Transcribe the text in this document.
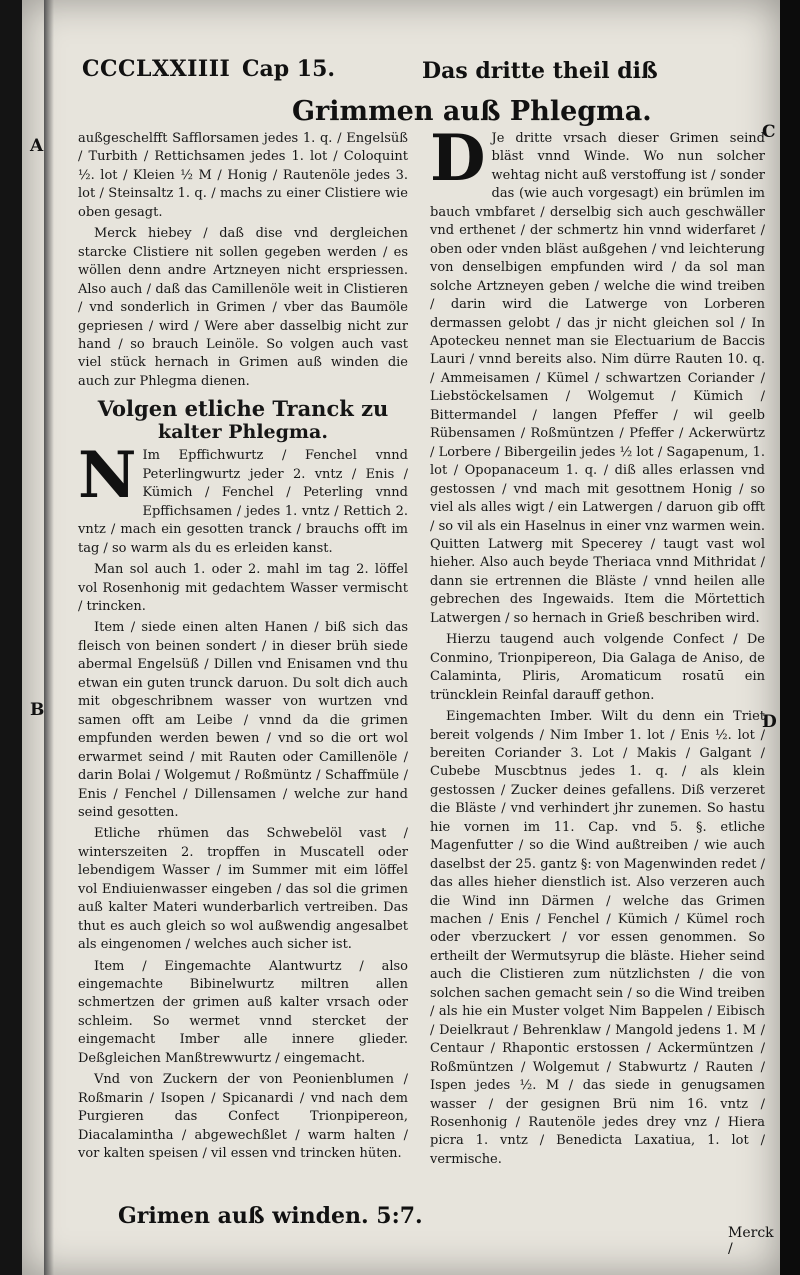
CCCLXXIIII Cap 15.	Das dritte theil diß
Grimmen auß Phlegma.
A
B
C
D

außgeschelfft Safflorsamen jedes 1. q. / Engelsüß / Turbith / Rettichsamen jedes 1. lot / Coloquint ½. lot / Kleien ½ M / Honig / Rautenöle jedes 3. lot / Steinsaltz 1. q. / machs zu einer Clistiere wie oben gesagt.

Merck hiebey / daß dise vnd dergleichen starcke Clistiere nit sollen gegeben werden / es wöllen denn andre Artzneyen nicht erspriessen. Also auch / daß das Camillenöle weit in Clistieren / vnd sonderlich in Grimen / vber das Baumöle gepriesen / wird / Were aber dasselbig nicht zur hand / so brauch Leinöle. So volgen auch vast viel stück hernach in Grimen auß winden die auch zur Phlegma dienen.

Volgen etliche Tranck zu
kalter Phlegma.

N Im Epffichwurtz / Fenchel vnnd Peterlingwurtz jeder 2. vntz / Enis / Kümich / Fenchel / Peterling vnnd Epffichsamen / jedes 1. vntz / Rettich 2. vntz / mach ein gesotten tranck / brauchs offt im tag / so warm als du es erleiden kanst.

Man sol auch 1. oder 2. mahl im tag 2. löffel vol Rosenhonig mit gedachtem Wasser vermischt / trincken.

Item / siede einen alten Hanen / biß sich das fleisch von beinen sondert / in dieser brüh siede abermal Engelsüß / Dillen vnd Enisamen vnd thu etwan ein guten trunck daruon. Du solt dich auch mit obgeschribnem wasser von wurtzen vnd samen offt am Leibe / vnnd da die grimen empfunden werden bewen / vnd so die ort wol erwarmet seind / mit Rauten oder Camillenöle / darin Bolai / Wolgemut / Roßmüntz / Schaffmüle / Enis / Fenchel / Dillensamen / welche zur hand seind gesotten.

Etliche rhümen das Schwebelöl vast / winterszeiten 2. tropffen in Muscatell oder lebendigem Wasser / im Summer mit eim löffel vol Endiuienwasser eingeben / das sol die grimen auß kalter Materi wunderbarlich vertreiben. Das thut es auch gleich so wol außwendig angesalbet als eingenomen / welches auch sicher ist.

Item / Eingemachte Alantwurtz / also eingemachte Bibinelwurtz miltren allen schmertzen der grimen auß kalter vrsach oder schleim. So wermet vnnd stercket der eingemacht Imber alle innere glieder. Deßgleichen Manßtrewwurtz / eingemacht.

Vnd von Zuckern der von Peonienblumen / Roßmarin / Isopen / Spicanardi / vnd nach dem Purgieren das Confect Trionpipereon, Diacalamintha / abgewechßlet / warm halten / vor kalten speisen / vil essen vnd trincken hüten.

Grimen auß winden. 5:7.

D Je dritte vrsach dieser Grimen seind bläst vnnd Winde. Wo nun solcher wehtag nicht auß verstoffung ist / sonder das (wie auch vorgesagt) ein brümlen im bauch vmbfaret / derselbig sich auch geschwäller vnd erthenet / der schmertz hin vnnd widerfaret / oben oder vnden bläst außgehen / vnd leichterung von denselbigen empfunden wird / da sol man solche Artzneyen geben / welche die wind treiben / darin wird die Latwerge von Lorberen dermassen gelobt / das jr nicht gleichen sol / In Apoteckeu nennet man sie Electuarium de Baccis Lauri / vnnd bereits also. Nim dürre Rauten 10. q. / Ammeisamen / Kümel / schwartzen Coriander / Liebstöckelsamen / Wolgemut / Kümich / Bittermandel / langen Pfeffer / wil geelb Rübensamen / Roßmüntzen / Pfeffer / Ackerwürtz / Lorbere / Bibergeilin jedes ½ lot / Sagapenum, 1. lot / Opopanaceum 1. q. / diß alles erlassen vnd gestossen / vnd mach mit gesottnem Honig / so viel als alles wigt / ein Latwergen / daruon gib offt / so vil als ein Haselnus in einer vnz warmen wein. Quitten Latwerg mit Specerey / taugt vast wol hieher. Also auch beyde Theriaca vnnd Mithridat / dann sie ertrennen die Bläste / vnnd heilen alle gebrechen des Ingewaids. Item die Mörtettich Latwergen / so hernach in Grieß beschriben wird.

Hierzu taugend auch volgende Confect / De Conmino, Trionpipereon, Dia Galaga de Aniso, de Calaminta, Pliris, Aromaticum rosatū ein trüncklein Reinfal darauff gethon.

Eingemachten Imber. Wilt du denn ein Triet bereit volgends / Nim Imber 1. lot / Enis ½. lot / bereiten Coriander 3. Lot / Makis / Galgant / Cubebe Muscbtnus jedes 1. q. / als klein gestossen / Zucker deines gefallens. Diß verzeret die Bläste / vnd verhindert jhr zunemen. So hastu hie vornen im 11. Cap. vnd 5. §. etliche Magenfutter / so die Wind außtreiben / wie auch daselbst der 25. gantz §: von Magenwinden redet / das alles hieher dienstlich ist. Also verzeren auch die Wind inn Därmen / welche das Grimen machen / Enis / Fenchel / Kümich / Kümel roch oder vberzuckert / vor essen genommen. So ertheilt der Wermutsyrup die bläste. Hieher seind auch die Clistieren zum nützlichsten / die von solchen sachen gemacht sein / so die Wind treiben / als hie ein Muster volget Nim Bappelen / Eibisch / Deielkraut / Behrenklaw / Mangold jedens 1. M / Centaur / Rhapontic erstossen / Ackermüntzen / Roßmüntzen / Wolgemut / Stabwurtz / Rauten / Ispen jedes ½. M / das siede in genugsamen wasser / der gesignen Brü nim 16. vntz / Rosenhonig / Rautenöle jedes drey vnz / Hiera picra 1. vntz / Benedicta Laxatiua, 1. lot / vermische.

Merck /
